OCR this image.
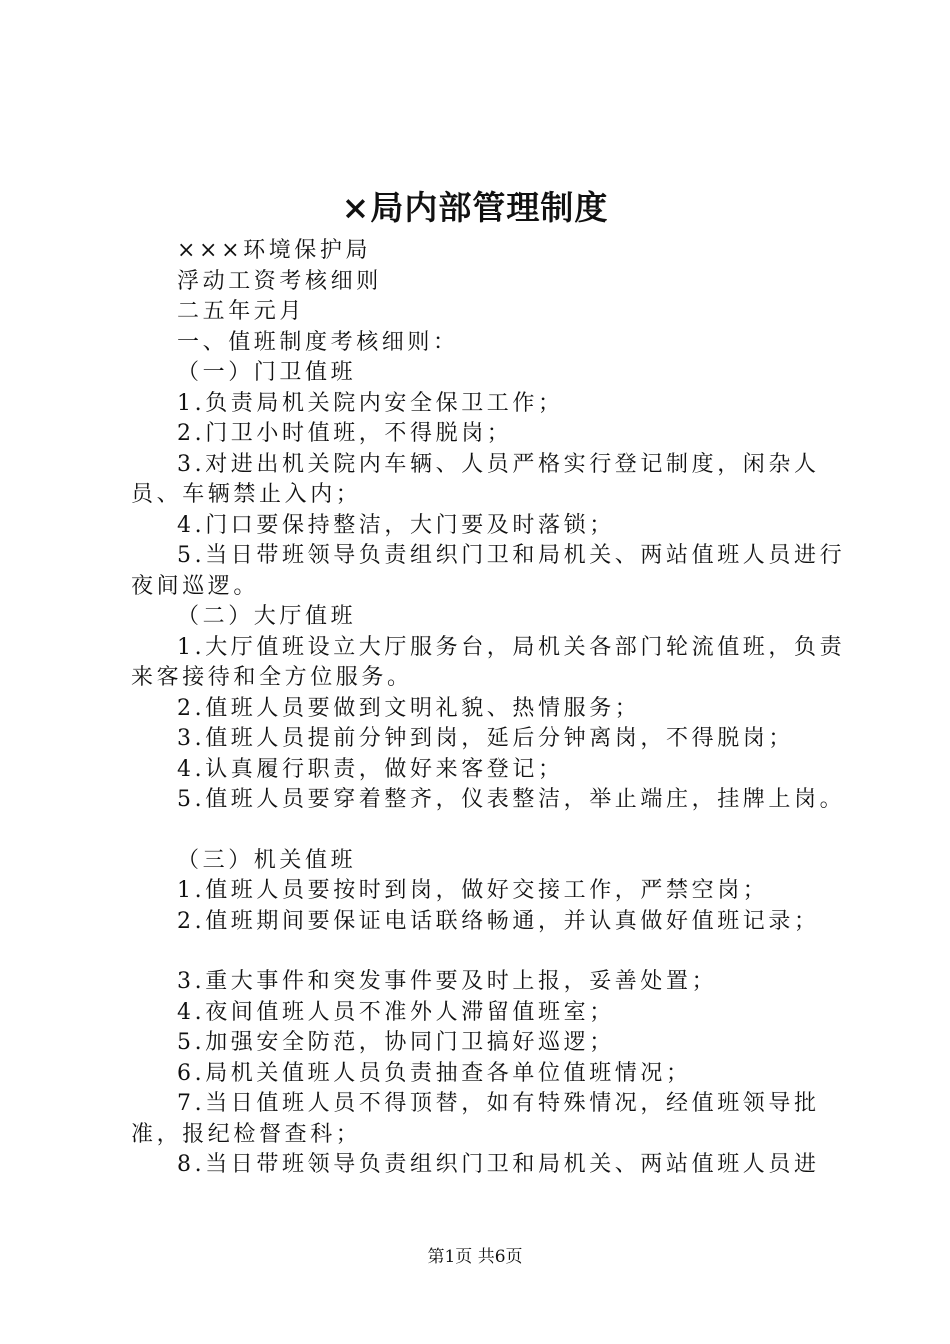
×局内部管理制度

×××环境保护局

浮动工资考核细则

二五年元月

一、值班制度考核细则：

（一）门卫值班

1.负责局机关院内安全保卫工作；

2.门卫小时值班，不得脱岗；

3.对进出机关院内车辆、人员严格实行登记制度，闲杂人员、车辆禁止入内；

4.门口要保持整洁，大门要及时落锁；

5.当日带班领导负责组织门卫和局机关、两站值班人员进行夜间巡逻。

（二）大厅值班

1.大厅值班设立大厅服务台，局机关各部门轮流值班，负责来客接待和全方位服务。

2.值班人员要做到文明礼貌、热情服务；

3.值班人员提前分钟到岗，延后分钟离岗，不得脱岗；

4.认真履行职责，做好来客登记；

5.值班人员要穿着整齐，仪表整洁，举止端庄，挂牌上岗。

（三）机关值班

1.值班人员要按时到岗，做好交接工作，严禁空岗；

2.值班期间要保证电话联络畅通，并认真做好值班记录；

3.重大事件和突发事件要及时上报，妥善处置；

4.夜间值班人员不准外人滞留值班室；

5.加强安全防范，协同门卫搞好巡逻；

6.局机关值班人员负责抽查各单位值班情况；

7.当日值班人员不得顶替，如有特殊情况，经值班领导批准，报纪检督查科；

8.当日带班领导负责组织门卫和局机关、两站值班人员进

第1页 共6页
